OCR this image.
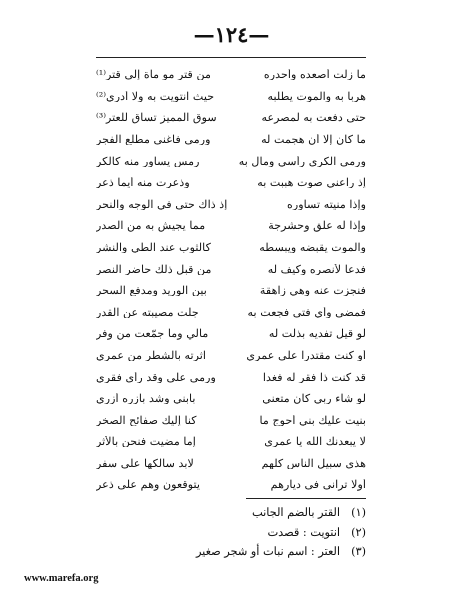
—١٢٤—
ما زلت أصعده وأحدره
من قتر مو ماة إلى قتر⁽¹⁾
هرباً به والموت يطلبه
حيث انتويت به ولا أدري⁽²⁾
حتى دفعت به لمصرعه
سوق المميز تساق للعتر⁽³⁾
ما كان إلا أن هجمت له
ورمى فأغنى مطلع الفجر
ورمى الكرى رأسي ومال به
رمس يساور منه كالكر
إذ راعني صوت هببت به
وذعرت منه أيما ذعر
وإذا منيته تساوره
إذ ذاك حتى في الوجه والنحر
وإذا له علق وحشرجة
مما يجيش به من الصدر
والموت يقبضه ويبسطه
كالثوب عند الطي والنشر
فدعا لأنصره وكيف له
من قبل ذلك حاضر النصر
فنجزت عنه وهي زاهقة
بين الوريد ومدفع السحر
فمضى وأي فتى فجعت به
جلت مصيبته عن القدر
لو قيل تفديه بذلت له
مالي وما جمّعت من وفر
أو كنت مقتدرا على عمري
آثرته بالشطر من عمري
قد كنت ذا فقر له فغدا
ورمى على وقد رأى فقري
لو شاء ربي كان متعني
بابني وشد بأزره أزري
بنيت عليك بني أحوج ما
كنا إليك صفائح الصخر
لا يبعدنك الله يا عمرى
إما مضيت فنحن بالأثر
هذى سبيل الناس كلهم
لابد سالكها على سفر
أولا ترانى فى ديارهم
يتوقعون وهم على ذعر
(١)
القتر بالضم الجانب
(٢)
انتويت : قصدت
(٣)
العتر : اسم نبات أو شجر صغير
www.marefa.org
